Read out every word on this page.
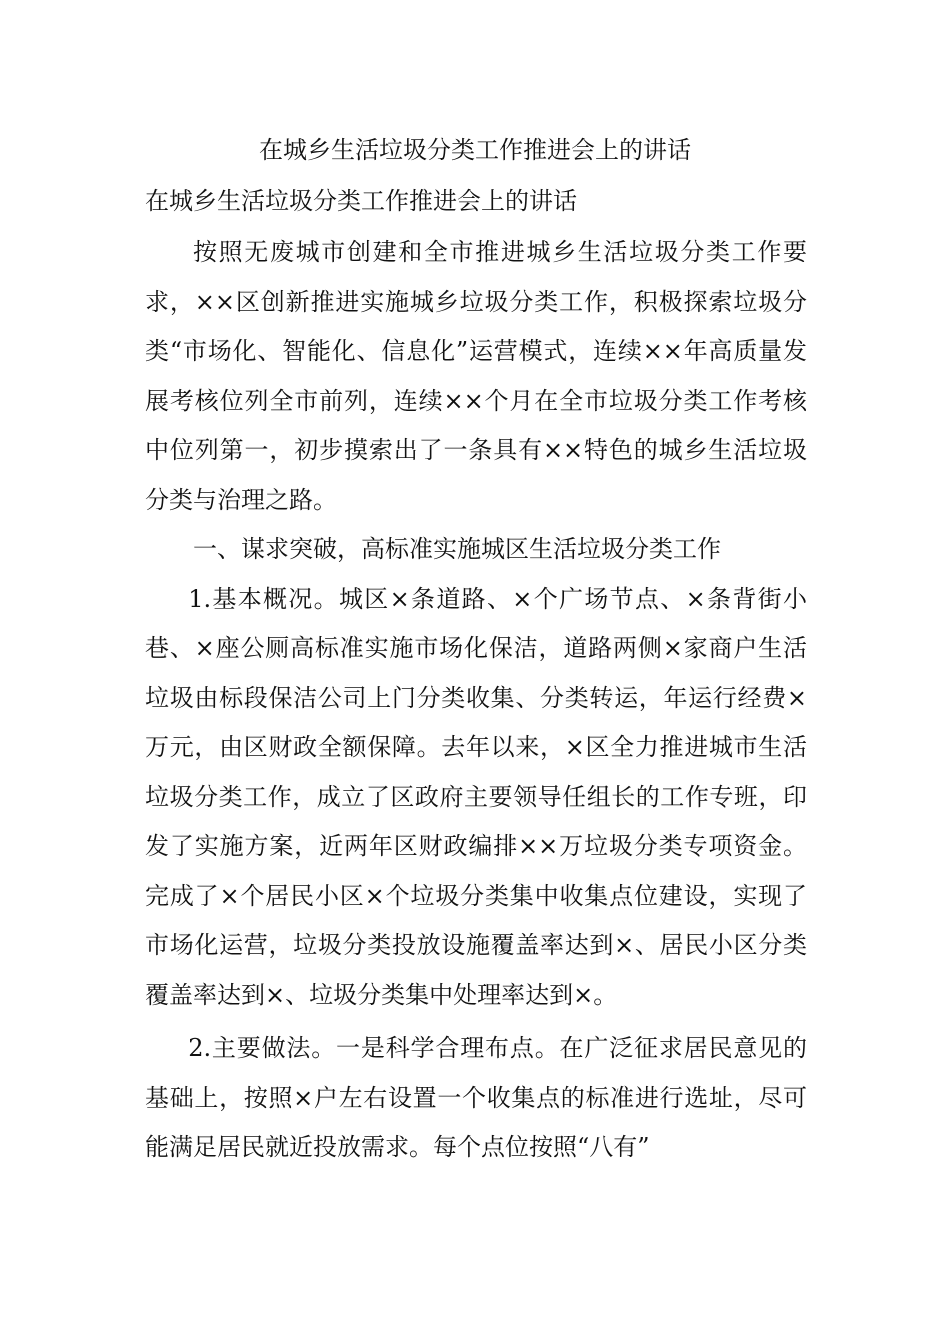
在城乡生活垃圾分类工作推进会上的讲话
在城乡生活垃圾分类工作推进会上的讲话

按照无废城市创建和全市推进城乡生活垃圾分类工作要求，××区创新推进实施城乡垃圾分类工作，积极探索垃圾分类“市场化、智能化、信息化”运营模式，连续××年高质量发展考核位列全市前列，连续××个月在全市垃圾分类工作考核中位列第一，初步摸索出了一条具有××特色的城乡生活垃圾分类与治理之路。

一、谋求突破，高标准实施城区生活垃圾分类工作

1.基本概况。城区×条道路、×个广场节点、×条背街小巷、×座公厕高标准实施市场化保洁，道路两侧×家商户生活垃圾由标段保洁公司上门分类收集、分类转运，年运行经费×万元，由区财政全额保障。去年以来，×区全力推进城市生活垃圾分类工作，成立了区政府主要领导任组长的工作专班，印发了实施方案，近两年区财政编排××万垃圾分类专项资金。完成了×个居民小区×个垃圾分类集中收集点位建设，实现了市场化运营，垃圾分类投放设施覆盖率达到×、居民小区分类覆盖率达到×、垃圾分类集中处理率达到×。

2.主要做法。一是科学合理布点。在广泛征求居民意见的基础上，按照×户左右设置一个收集点的标准进行选址，尽可能满足居民就近投放需求。每个点位按照“八有”
